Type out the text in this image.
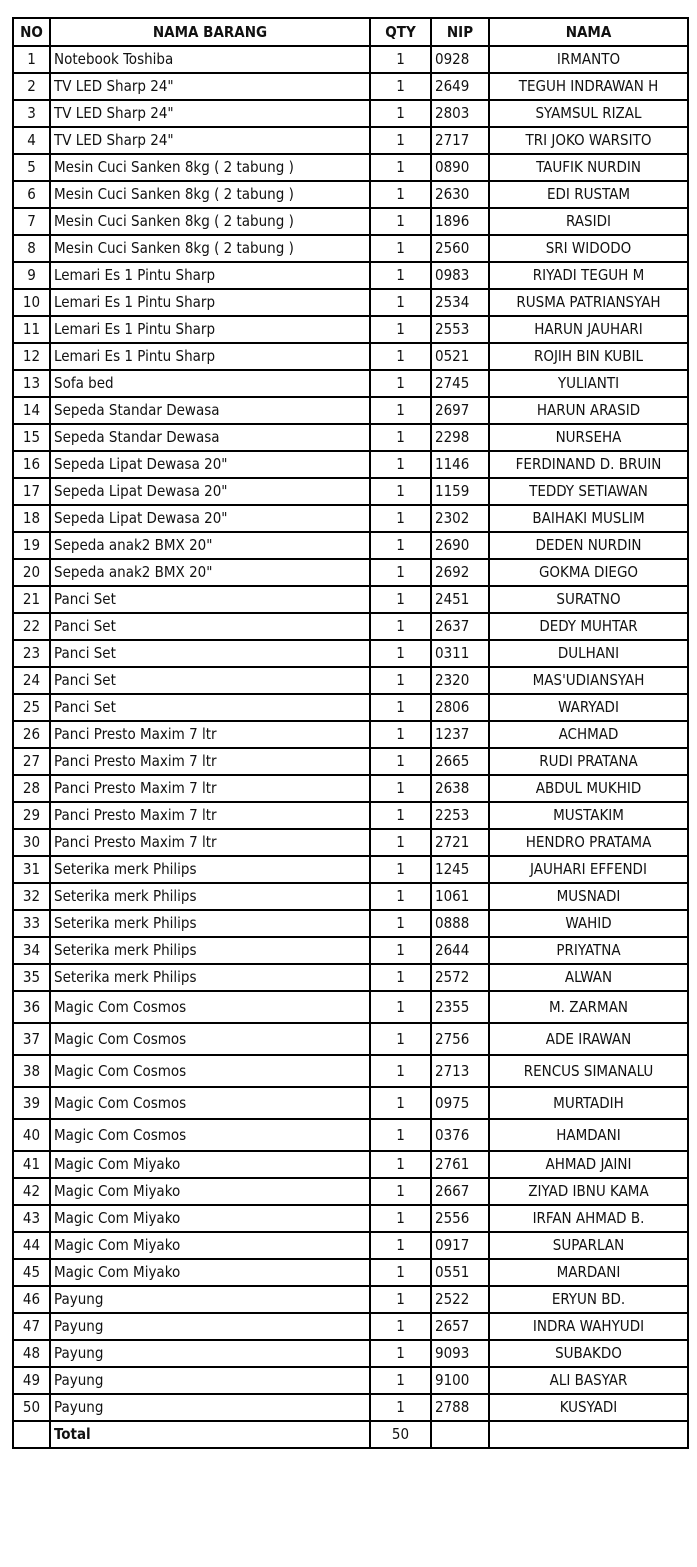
NO	NAMA BARANG	QTY	NIP	NAMA
1	Notebook Toshiba	1	0928	IRMANTO
2	TV LED Sharp 24"	1	2649	TEGUH INDRAWAN H
3	TV LED Sharp 24"	1	2803	SYAMSUL RIZAL
4	TV LED Sharp 24"	1	2717	TRI JOKO WARSITO
5	Mesin Cuci Sanken 8kg ( 2 tabung )	1	0890	TAUFIK NURDIN
6	Mesin Cuci Sanken 8kg ( 2 tabung )	1	2630	EDI RUSTAM
7	Mesin Cuci Sanken 8kg ( 2 tabung )	1	1896	RASIDI
8	Mesin Cuci Sanken 8kg ( 2 tabung )	1	2560	SRI WIDODO
9	Lemari Es 1 Pintu Sharp	1	0983	RIYADI TEGUH M
10	Lemari Es 1 Pintu Sharp	1	2534	RUSMA PATRIANSYAH
11	Lemari Es 1 Pintu Sharp	1	2553	HARUN JAUHARI
12	Lemari Es 1 Pintu Sharp	1	0521	ROJIH BIN KUBIL
13	Sofa bed	1	2745	YULIANTI
14	Sepeda Standar Dewasa	1	2697	HARUN ARASID
15	Sepeda Standar Dewasa	1	2298	NURSEHA
16	Sepeda Lipat Dewasa 20"	1	1146	FERDINAND D. BRUIN
17	Sepeda Lipat Dewasa 20"	1	1159	TEDDY SETIAWAN
18	Sepeda Lipat Dewasa 20"	1	2302	BAIHAKI MUSLIM
19	Sepeda anak2 BMX 20"	1	2690	DEDEN NURDIN
20	Sepeda anak2 BMX 20"	1	2692	GOKMA DIEGO
21	Panci Set	1	2451	SURATNO
22	Panci Set	1	2637	DEDY MUHTAR
23	Panci Set	1	0311	DULHANI
24	Panci Set	1	2320	MAS'UDIANSYAH
25	Panci Set	1	2806	WARYADI
26	Panci Presto Maxim 7 ltr	1	1237	ACHMAD
27	Panci Presto Maxim 7 ltr	1	2665	RUDI PRATANA
28	Panci Presto Maxim 7 ltr	1	2638	ABDUL MUKHID
29	Panci Presto Maxim 7 ltr	1	2253	MUSTAKIM
30	Panci Presto Maxim 7 ltr	1	2721	HENDRO PRATAMA
31	Seterika merk Philips	1	1245	JAUHARI EFFENDI
32	Seterika merk Philips	1	1061	MUSNADI
33	Seterika merk Philips	1	0888	WAHID
34	Seterika merk Philips	1	2644	PRIYATNA
35	Seterika merk Philips	1	2572	ALWAN
36	Magic Com Cosmos	1	2355	M. ZARMAN
37	Magic Com Cosmos	1	2756	ADE IRAWAN
38	Magic Com Cosmos	1	2713	RENCUS SIMANALU
39	Magic Com Cosmos	1	0975	MURTADIH
40	Magic Com Cosmos	1	0376	HAMDANI
41	Magic Com Miyako	1	2761	AHMAD JAINI
42	Magic Com Miyako	1	2667	ZIYAD IBNU KAMA
43	Magic Com Miyako	1	2556	IRFAN AHMAD B.
44	Magic Com Miyako	1	0917	SUPARLAN
45	Magic Com Miyako	1	0551	MARDANI
46	Payung	1	2522	ERYUN BD.
47	Payung	1	2657	INDRA WAHYUDI
48	Payung	1	9093	SUBAKDO
49	Payung	1	9100	ALI BASYAR
50	Payung	1	2788	KUSYADI
	Total	50		
